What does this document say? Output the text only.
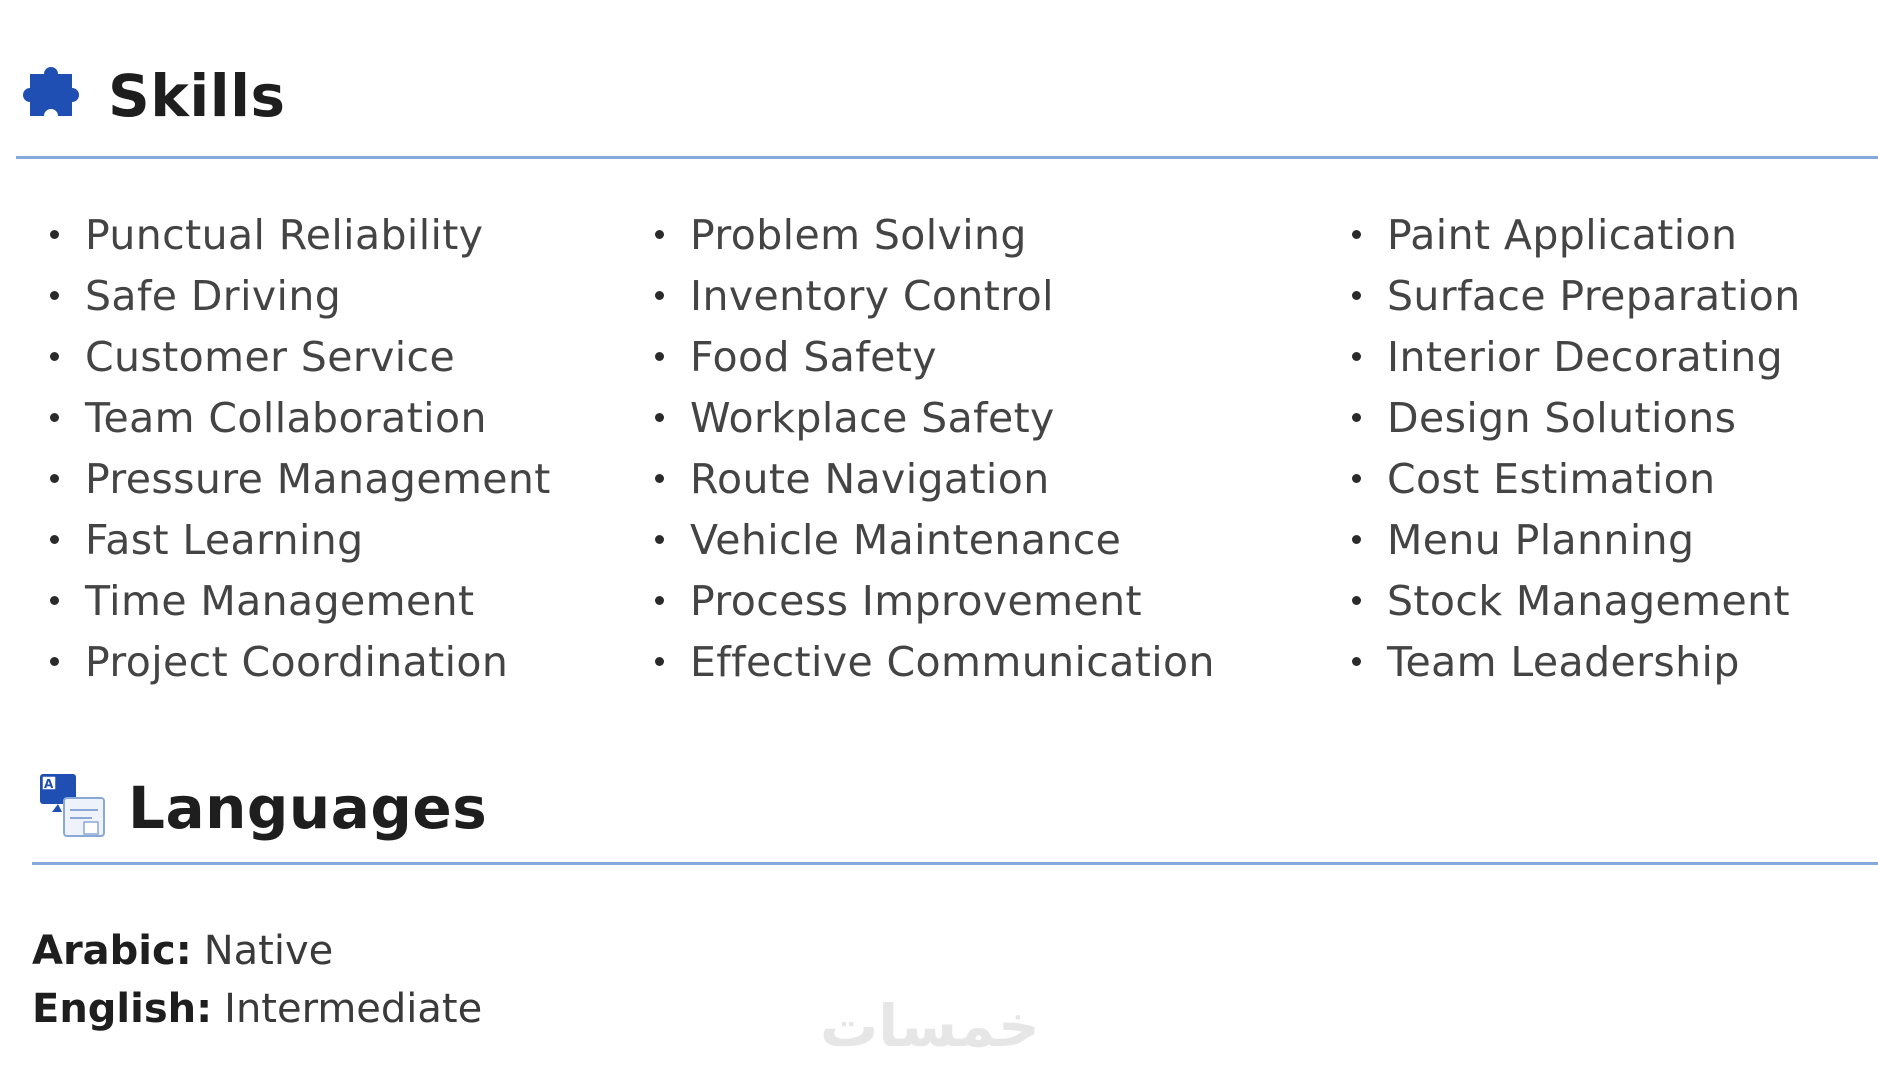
Skills
Punctual Reliability
Safe Driving
Customer Service
Team Collaboration
Pressure Management
Fast Learning
Time Management
Project Coordination
Problem Solving
Inventory Control
Food Safety
Workplace Safety
Route Navigation
Vehicle Maintenance
Process Improvement
Effective Communication
Paint Application
Surface Preparation
Interior Decorating
Design Solutions
Cost Estimation
Menu Planning
Stock Management
Team Leadership
A Languages
Arabic: Native
English: Intermediate	خمسات
